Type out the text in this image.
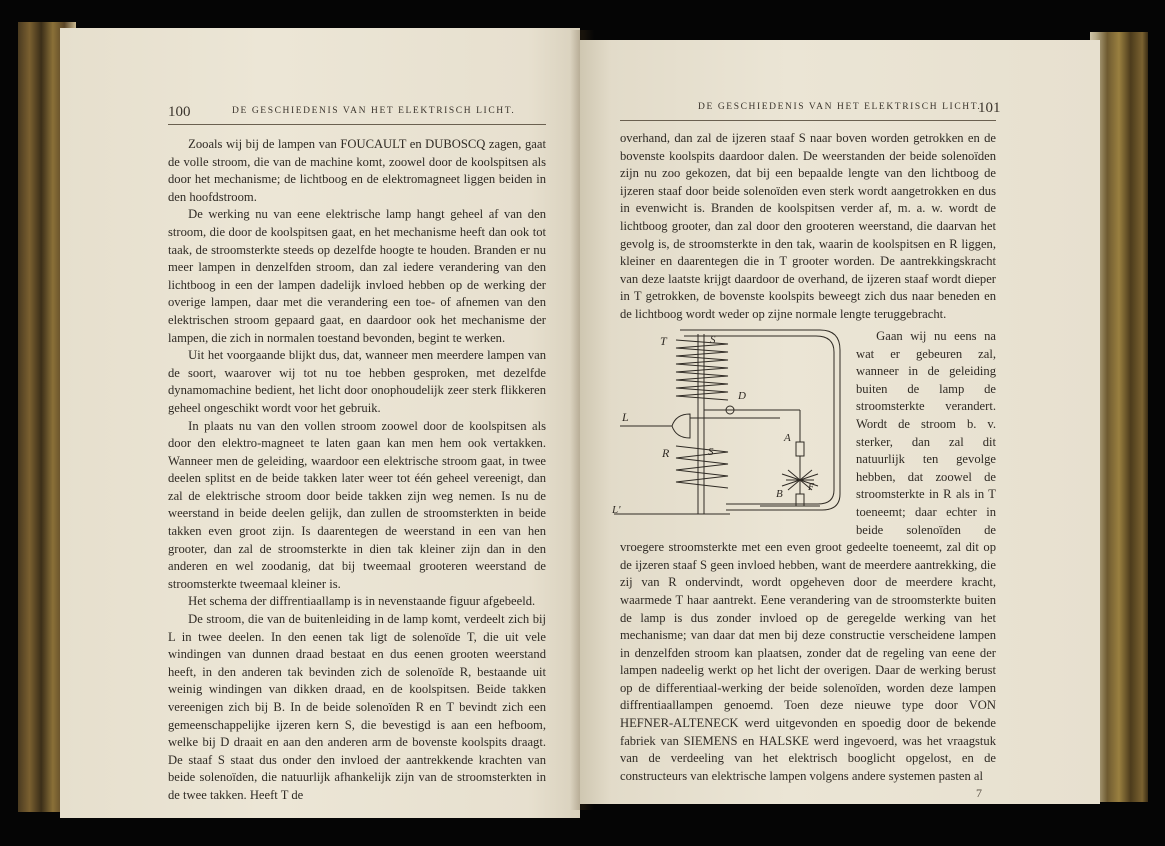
100	DE GESCHIEDENIS VAN HET ELEKTRISCH LICHT.

Zooals wij bij de lampen van FOUCAULT en DUBOSCQ zagen, gaat de volle stroom, die van de machine komt, zoowel door de koolspitsen als door het mechanisme; de lichtboog en de elektromagneet liggen beiden in den hoofdstroom.

De werking nu van eene elektrische lamp hangt geheel af van den stroom, die door de koolspitsen gaat, en het mechanisme heeft dan ook tot taak, de stroomsterkte steeds op dezelfde hoogte te houden. Branden er nu meer lampen in denzelfden stroom, dan zal iedere verandering van den lichtboog in een der lampen dadelijk invloed hebben op de werking der overige lampen, daar met die verandering een toe- of afnemen van den elektrischen stroom gepaard gaat, en daardoor ook het mechanisme der lampen, die zich in normalen toestand bevonden, begint te werken.

Uit het voorgaande blijkt dus, dat, wanneer men meerdere lampen van de soort, waarover wij tot nu toe hebben gesproken, met dezelfde dynamomachine bedient, het licht door onophoudelijk zeer sterk flikkeren geheel ongeschikt wordt voor het gebruik.

In plaats nu van den vollen stroom zoowel door de koolspitsen als door den elektro-magneet te laten gaan kan men hem ook vertakken. Wanneer men de geleiding, waardoor een elektrische stroom gaat, in twee deelen splitst en de beide takken later weer tot één geheel vereenigt, dan zal de elektrische stroom door beide takken zijn weg nemen. Is nu de weerstand in beide deelen gelijk, dan zullen de stroomsterkten in beide takken even groot zijn. Is daarentegen de weerstand in een van hen grooter, dan zal de stroomsterkte in dien tak kleiner zijn dan in den anderen en wel zoodanig, dat bij tweemaal grooteren weerstand de stroomsterkte tweemaal kleiner is.

Het schema der diffrentiaallamp is in nevenstaande figuur afgebeeld.

De stroom, die van de buitenleiding in de lamp komt, verdeelt zich bij L in twee deelen. In den eenen tak ligt de solenoïde T, die uit vele windingen van dunnen draad bestaat en dus eenen grooten weerstand heeft, in den anderen tak bevinden zich de solenoïde R, bestaande uit weinig windingen van dikken draad, en de koolspitsen. Beide takken vereenigen zich bij B. In de beide solenoïden R en T bevindt zich een gemeenschappelijke ijzeren kern S, die bevestigd is aan een hefboom, welke bij D draait en aan den anderen arm de bovenste koolspits draagt. De staaf S staat dus onder den invloed der aantrekkende krachten van beide solenoïden, die natuurlijk afhankelijk zijn van de stroomsterkten in de twee takken. Heeft T de

DE GESCHIEDENIS VAN HET ELEKTRISCH LICHT.
101

overhand, dan zal de ijzeren staaf S naar boven worden getrokken en de bovenste koolspits daardoor dalen. De weerstanden der beide solenoïden zijn nu zoo gekozen, dat bij een bepaalde lengte van den lichtboog de ijzeren staaf door beide solenoïden even sterk wordt aangetrokken en dus in evenwicht is. Branden de koolspitsen verder af, m. a. w. wordt de lichtboog grooter, dan zal door den grooteren weerstand, die daarvan het gevolg is, de stroomsterkte in den tak, waarin de koolspitsen en R liggen, kleiner en daarentegen die in T grooter worden. De aantrekkingskracht van deze laatste krijgt daardoor de overhand, de ijzeren staaf wordt dieper in T getrokken, de bovenste koolspits beweegt zich dus naar beneden en de lichtboog wordt weder op zijne normale lengte teruggebracht.

T	S
L
D
A
R	S
B
F
L'

Gaan wij nu eens na wat er gebeuren zal, wanneer in de geleiding buiten de lamp de stroomsterkte verandert. Wordt de stroom b. v. sterker, dan zal dit natuurlijk ten gevolge hebben, dat zoowel de stroomsterkte in R als in T toeneemt; daar echter in beide solenoïden de vroegere stroomsterkte met een even groot gedeelte toeneemt, zal dit op de ijzeren staaf S geen invloed hebben, want de meerdere aantrekking, die zij van R ondervindt, wordt opgeheven door de meerdere kracht, waarmede T haar aantrekt. Eene verandering van de stroomsterkte buiten de lamp is dus zonder invloed op de geregelde werking van het mechanisme; van daar dat men bij deze constructie verscheidene lampen in denzelfden stroom kan plaatsen, zonder dat de regeling van eene der lampen nadeelig werkt op het licht der overigen. Daar de werking berust op de differentiaal-werking der beide solenoïden, worden deze lampen diffrentiaallampen genoemd. Toen deze nieuwe type door VON HEFNER-ALTENECK werd uitgevonden en spoedig door de bekende fabriek van SIEMENS en HALSKE werd ingevoerd, was het vraagstuk van de verdeeling van het elektrisch booglicht opgelost, en de constructeurs van elektrische lampen volgens andere systemen pasten al

7
